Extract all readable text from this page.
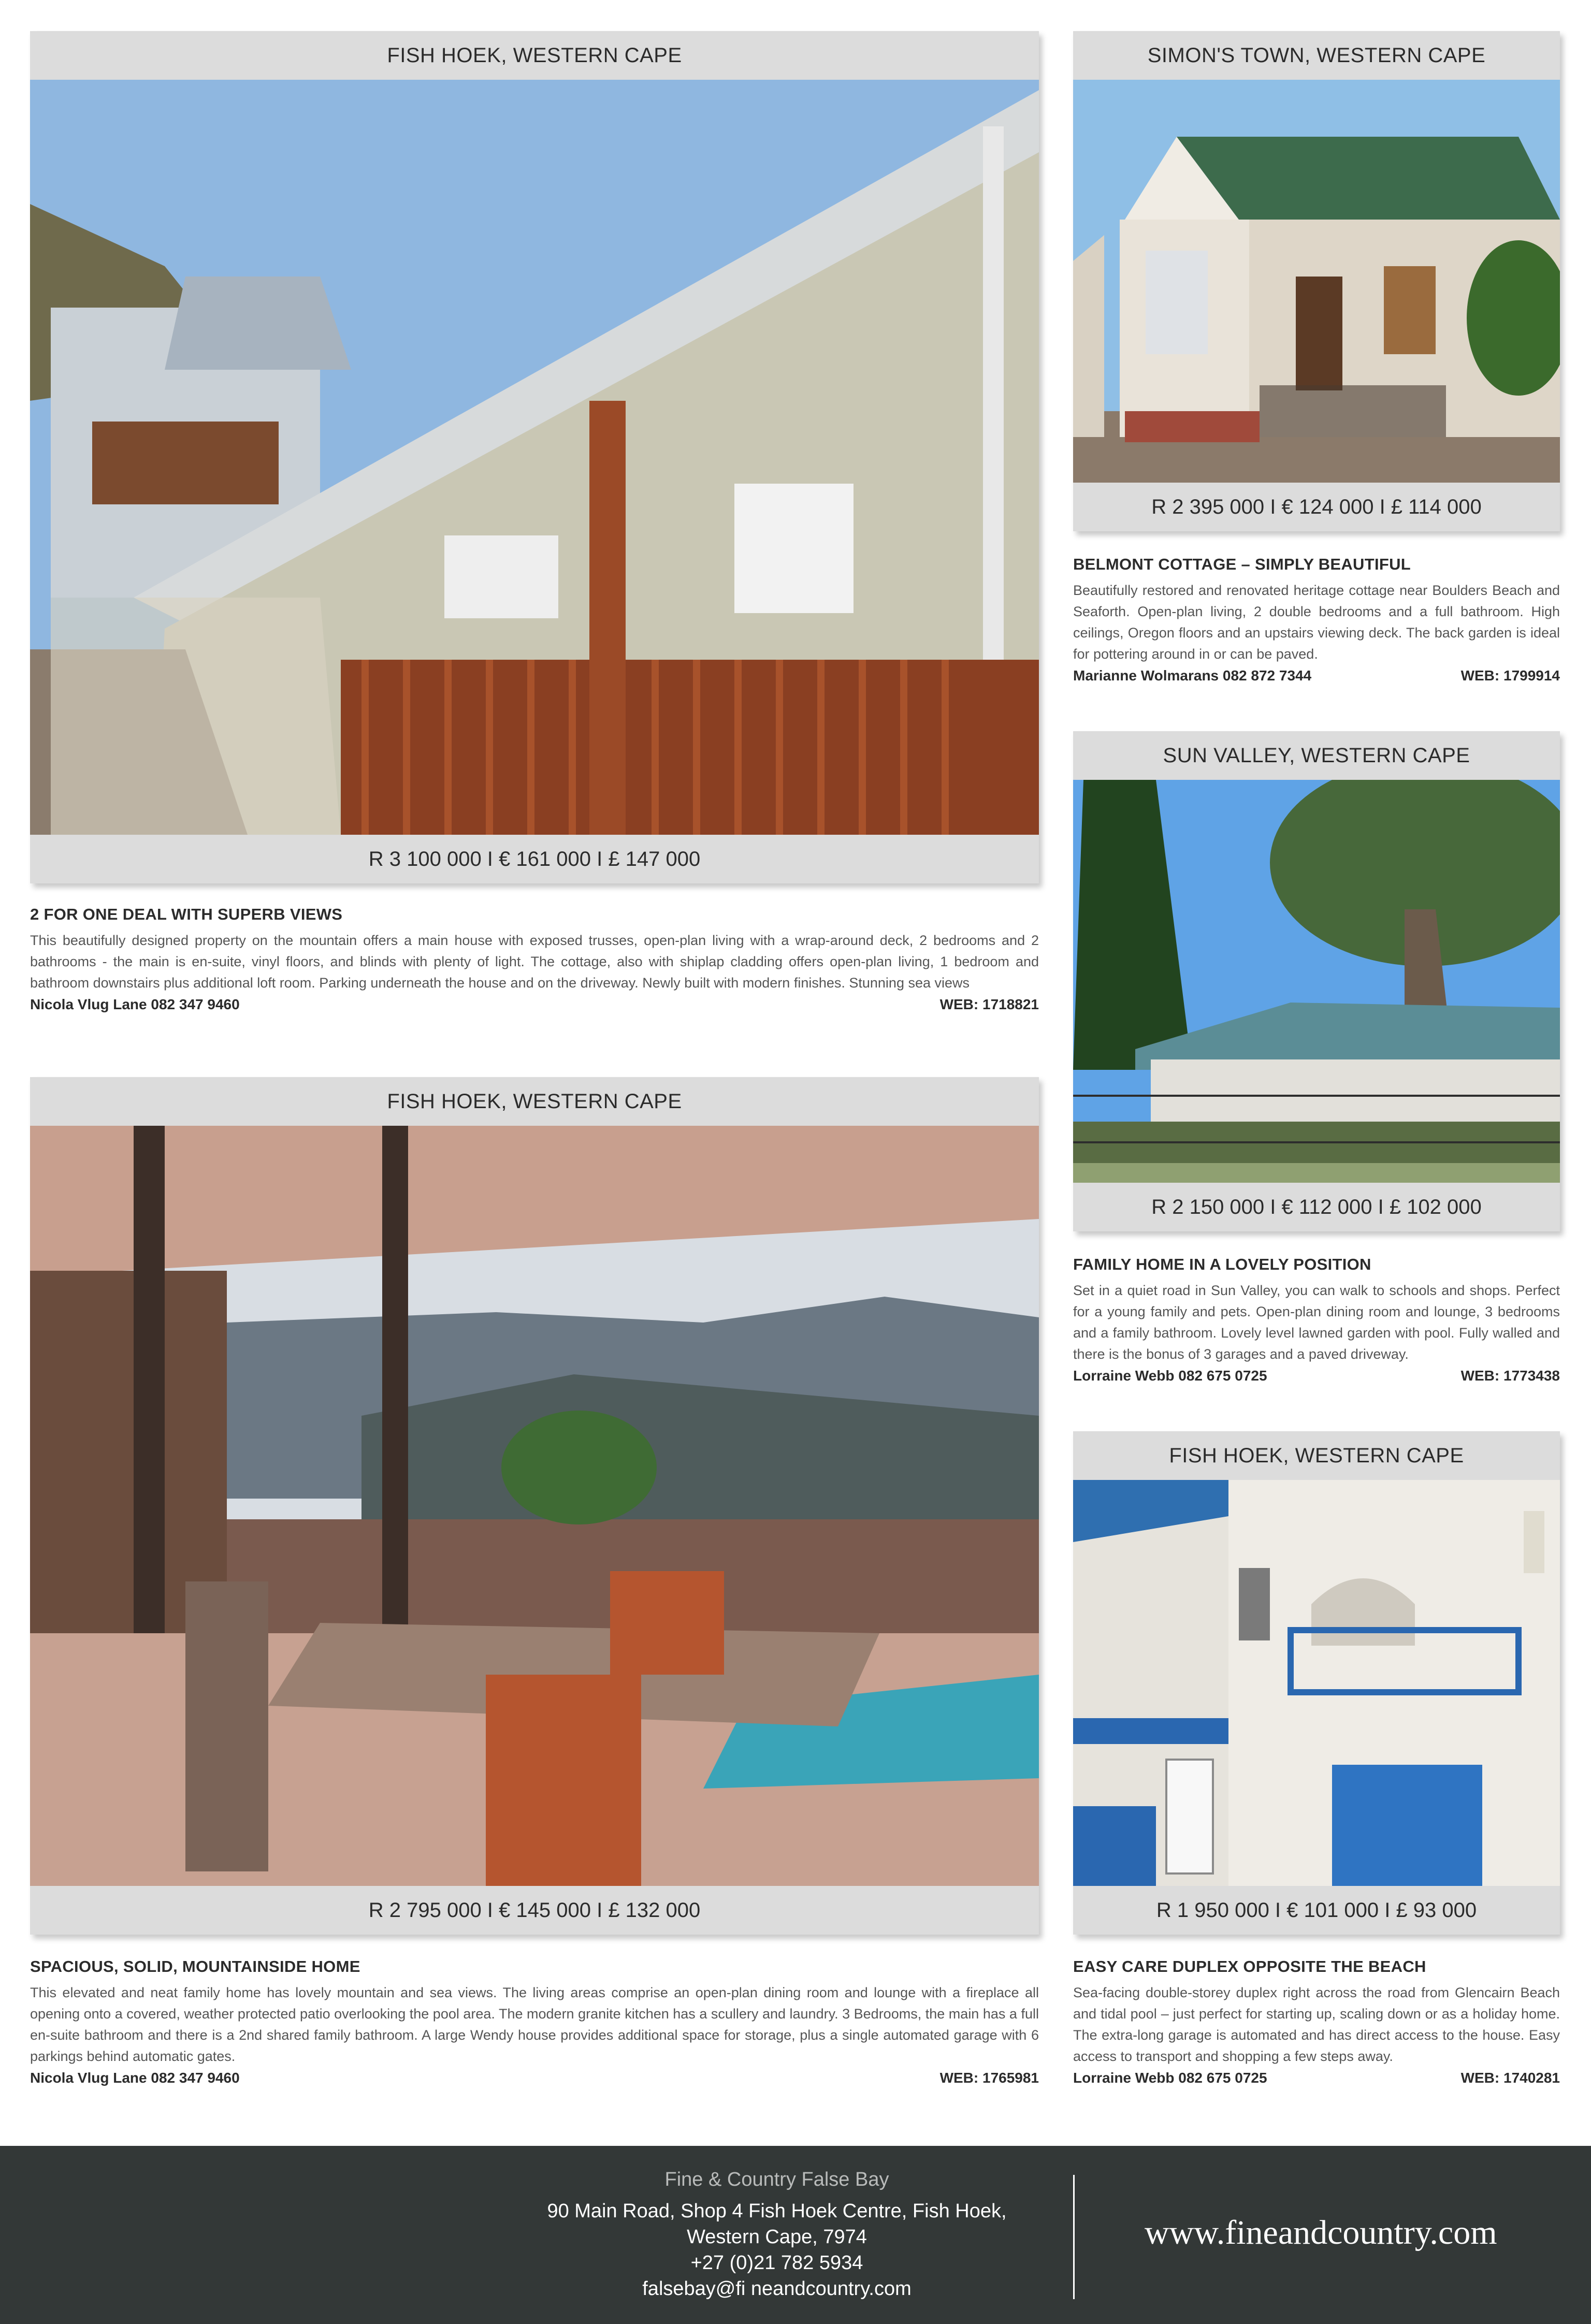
FISH HOEK, WESTERN CAPE
R 3 100 000 I € 161 000 I £ 147 000

2 FOR ONE DEAL WITH SUPERB VIEWS

This beautifully designed property on the mountain offers a main house with exposed trusses, open-plan living with a wrap-around deck, 2 bedrooms and 2 bathrooms - the main is en-suite, vinyl floors, and blinds with plenty of light. The cottage, also with shiplap cladding offers open-plan living, 1 bedroom and bathroom downstairs plus additional loft room. Parking underneath the house and on the driveway. Newly built with modern finishes. Stunning sea views

Nicola Vlug Lane 082 347 9460	WEB: 1718821
SIMON'S TOWN, WESTERN CAPE
R 2 395 000 I € 124 000 I £ 114 000

BELMONT COTTAGE – SIMPLY BEAUTIFUL

Beautifully restored and renovated heritage cottage near Boulders Beach and Seaforth. Open-plan living, 2 double bedrooms and a full bathroom. High ceilings, Oregon floors and an upstairs viewing deck. The back garden is ideal for pottering around in or can be paved.

Marianne Wolmarans 082 872 7344	WEB: 1799914
SUN VALLEY, WESTERN CAPE
R 2 150 000 I € 112 000 I £ 102 000

FAMILY HOME IN A LOVELY POSITION

Set in a quiet road in Sun Valley, you can walk to schools and shops. Perfect for a young family and pets. Open-plan dining room and lounge, 3 bedrooms and a family bathroom. Lovely level lawned garden with pool. Fully walled and there is the bonus of 3 garages and a paved driveway.

Lorraine Webb 082 675 0725	WEB: 1773438
FISH HOEK, WESTERN CAPE
R 2 795 000 I € 145 000 I £ 132 000

SPACIOUS, SOLID, MOUNTAINSIDE HOME

This elevated and neat family home has lovely mountain and sea views. The living areas comprise an open-plan dining room and lounge with a fireplace all opening onto a covered, weather protected patio overlooking the pool area. The modern granite kitchen has a scullery and laundry. 3 Bedrooms, the main has a full en-suite bathroom and there is a 2nd shared family bathroom. A large Wendy house provides additional space for storage, plus a single automated garage with 6 parkings behind automatic gates.

Nicola Vlug Lane 082 347 9460	WEB: 1765981
FISH HOEK, WESTERN CAPE
R 1 950 000 I € 101 000 I £ 93 000

EASY CARE DUPLEX OPPOSITE THE BEACH

Sea-facing double-storey duplex right across the road from Glencairn Beach and tidal pool – just perfect for starting up, scaling down or as a holiday home. The extra-long garage is automated and has direct access to the house. Easy access to transport and shopping a few steps away.

Lorraine Webb 082 675 0725	WEB: 1740281
Fine & Country False Bay
90 Main Road, Shop 4 Fish Hoek Centre, Fish Hoek,
Western Cape, 7974
+27 (0)21 782 5934
falsebay@fi neandcountry.com
www.fineandcountry.com
